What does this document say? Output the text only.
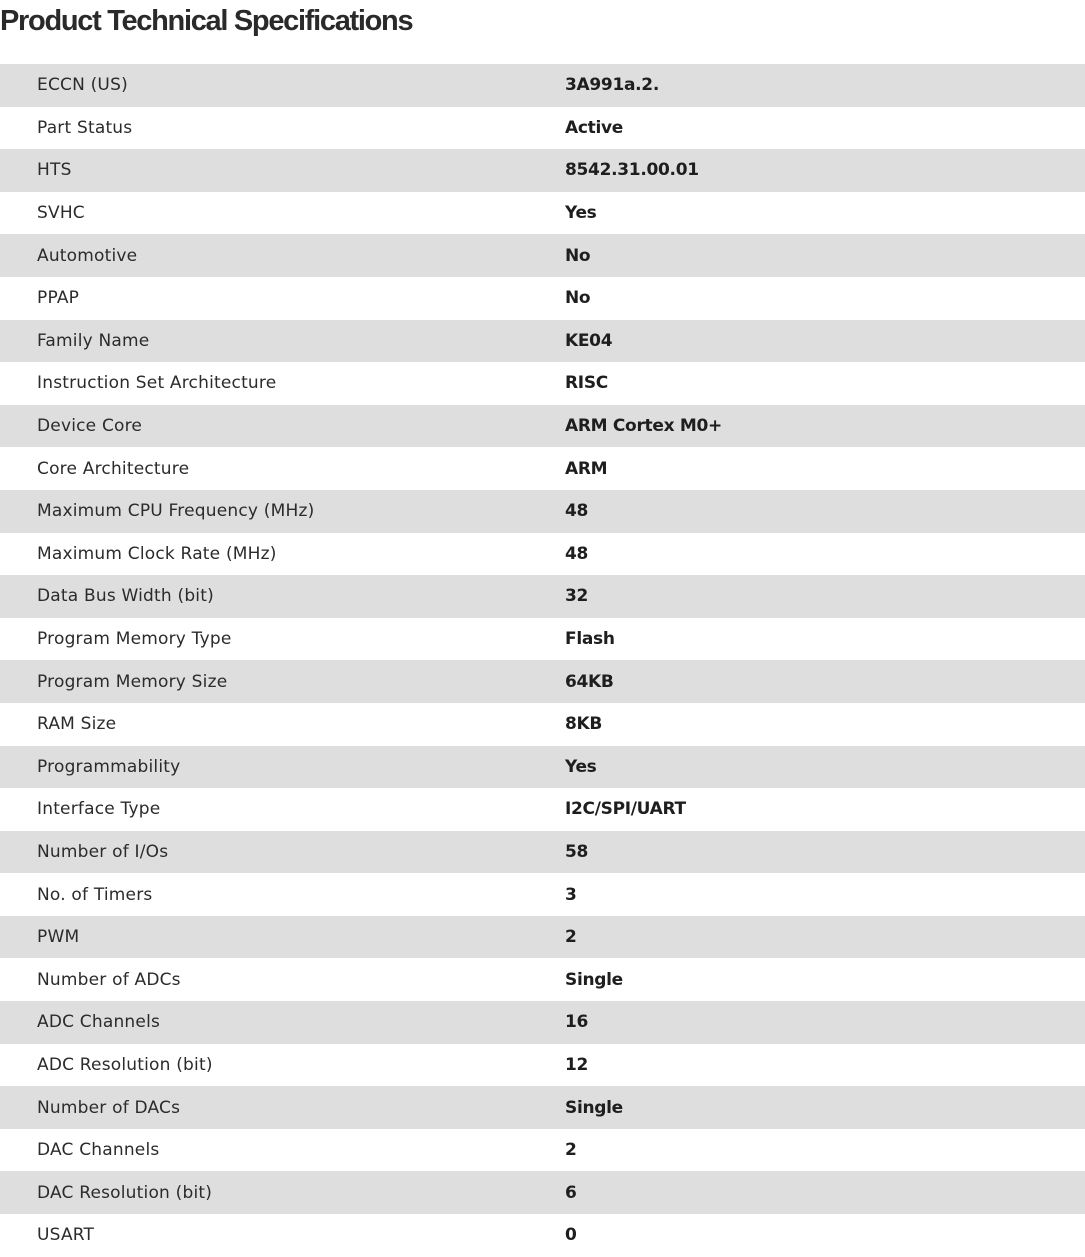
Product Technical Specifications
ECCN (US)	3A991a.2.
Part Status	Active
HTS	8542.31.00.01
SVHC	Yes
Automotive	No
PPAP	No
Family Name	KE04
Instruction Set Architecture	RISC
Device Core	ARM Cortex M0+
Core Architecture	ARM
Maximum CPU Frequency (MHz)	48
Maximum Clock Rate (MHz)	48
Data Bus Width (bit)	32
Program Memory Type	Flash
Program Memory Size	64KB
RAM Size	8KB
Programmability	Yes
Interface Type	I2C/SPI/UART
Number of I/Os	58
No. of Timers	3
PWM	2
Number of ADCs	Single
ADC Channels	16
ADC Resolution (bit)	12
Number of DACs	Single
DAC Channels	2
DAC Resolution (bit)	6
USART	0
